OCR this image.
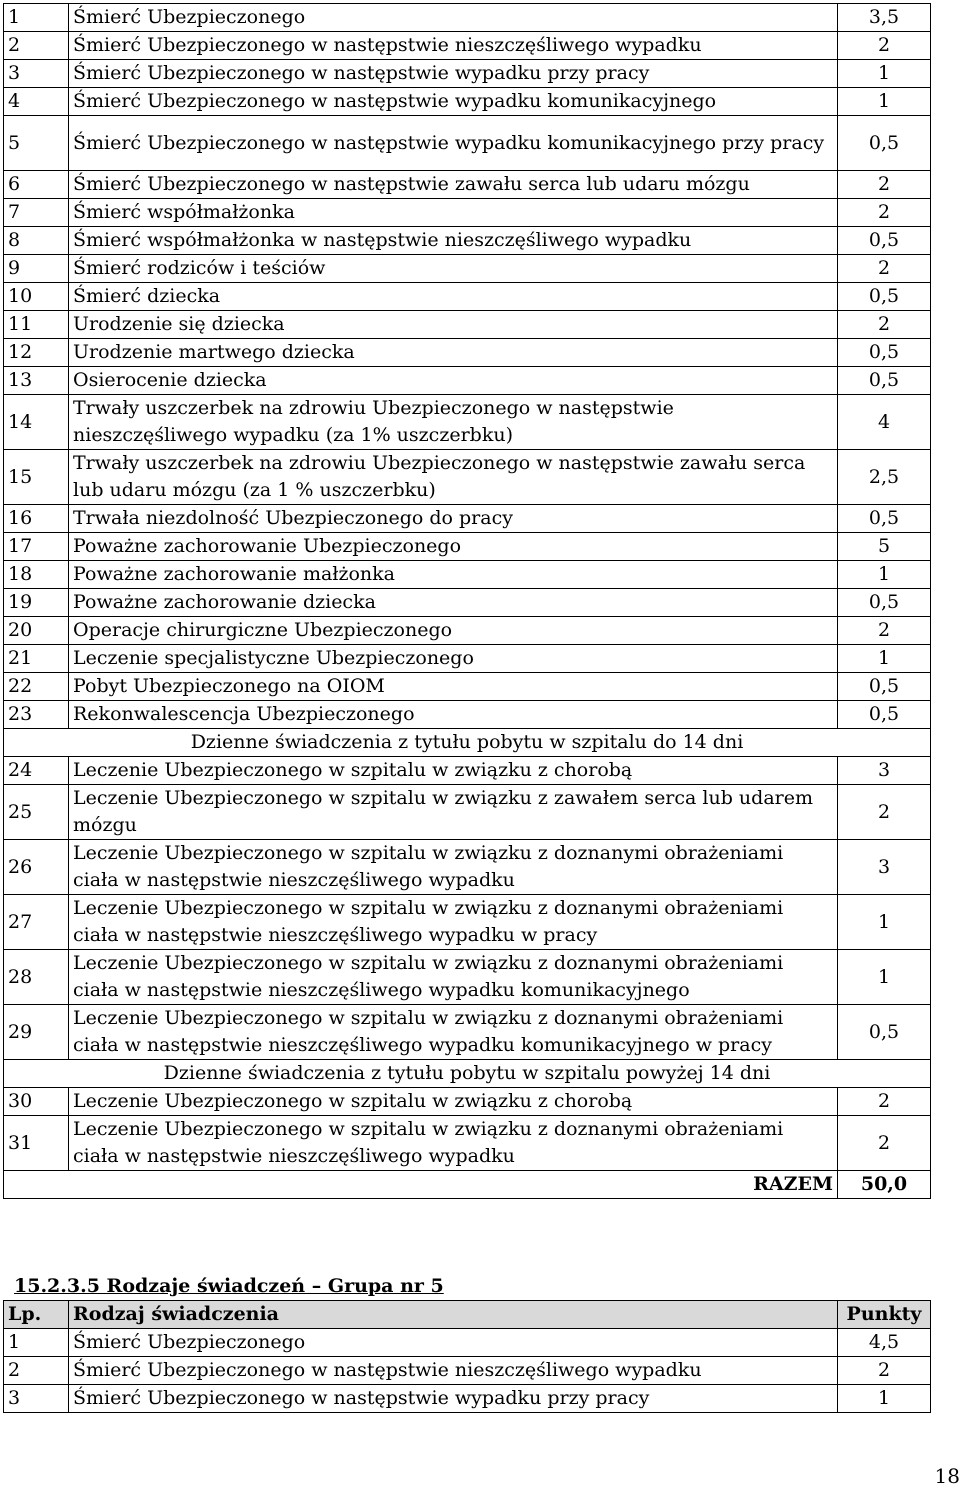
1	Śmierć Ubezpieczonego	3,5
2	Śmierć Ubezpieczonego w następstwie nieszczęśliwego wypadku	2
3	Śmierć Ubezpieczonego w następstwie wypadku przy pracy	1
4	Śmierć Ubezpieczonego w następstwie wypadku komunikacyjnego	1
5	Śmierć Ubezpieczonego w następstwie wypadku komunikacyjnego przy pracy	0,5
6	Śmierć Ubezpieczonego w następstwie zawału serca lub udaru mózgu	2
7	Śmierć współmałżonka	2
8	Śmierć współmałżonka w następstwie nieszczęśliwego wypadku	0,5
9	Śmierć rodziców i teściów	2
10	Śmierć dziecka	0,5
11	Urodzenie się dziecka	2
12	Urodzenie martwego dziecka	0,5
13	Osierocenie dziecka	0,5
14	Trwały uszczerbek na zdrowiu Ubezpieczonego w następstwie nieszczęśliwego wypadku (za 1% uszczerbku)	4
15	Trwały uszczerbek na zdrowiu Ubezpieczonego w następstwie zawału serca lub udaru mózgu (za 1 % uszczerbku)	2,5
16	Trwała niezdolność Ubezpieczonego do pracy	0,5
17	Poważne zachorowanie Ubezpieczonego	5
18	Poważne zachorowanie małżonka	1
19	Poważne zachorowanie dziecka	0,5
20	Operacje chirurgiczne Ubezpieczonego	2
21	Leczenie specjalistyczne Ubezpieczonego	1
22	Pobyt Ubezpieczonego na OIOM	0,5
23	Rekonwalescencja Ubezpieczonego	0,5
Dzienne świadczenia z tytułu pobytu w szpitalu do 14 dni		
24	Leczenie Ubezpieczonego w szpitalu w związku z chorobą	3
25	Leczenie Ubezpieczonego w szpitalu w związku z zawałem serca lub udarem mózgu	2
26	Leczenie Ubezpieczonego w szpitalu w związku z doznanymi obrażeniami ciała w następstwie nieszczęśliwego wypadku	3
27	Leczenie Ubezpieczonego w szpitalu w związku z doznanymi obrażeniami ciała w następstwie nieszczęśliwego wypadku w pracy	1
28	Leczenie Ubezpieczonego w szpitalu w związku z doznanymi obrażeniami ciała w następstwie nieszczęśliwego wypadku komunikacyjnego	1
29	Leczenie Ubezpieczonego w szpitalu w związku z doznanymi obrażeniami ciała w następstwie nieszczęśliwego wypadku komunikacyjnego w pracy	0,5
Dzienne świadczenia z tytułu pobytu w szpitalu powyżej 14 dni		
30	Leczenie Ubezpieczonego w szpitalu w związku z chorobą	2
31	Leczenie Ubezpieczonego w szpitalu w związku z doznanymi obrażeniami ciała w następstwie nieszczęśliwego wypadku	2
RAZEM		50,0
15.2.3.5 Rodzaje świadczeń – Grupa nr 5
Lp.	Rodzaj świadczenia	Punkty
1	Śmierć Ubezpieczonego	4,5
2	Śmierć Ubezpieczonego w następstwie nieszczęśliwego wypadku	2
3	Śmierć Ubezpieczonego w następstwie wypadku przy pracy	1
18
